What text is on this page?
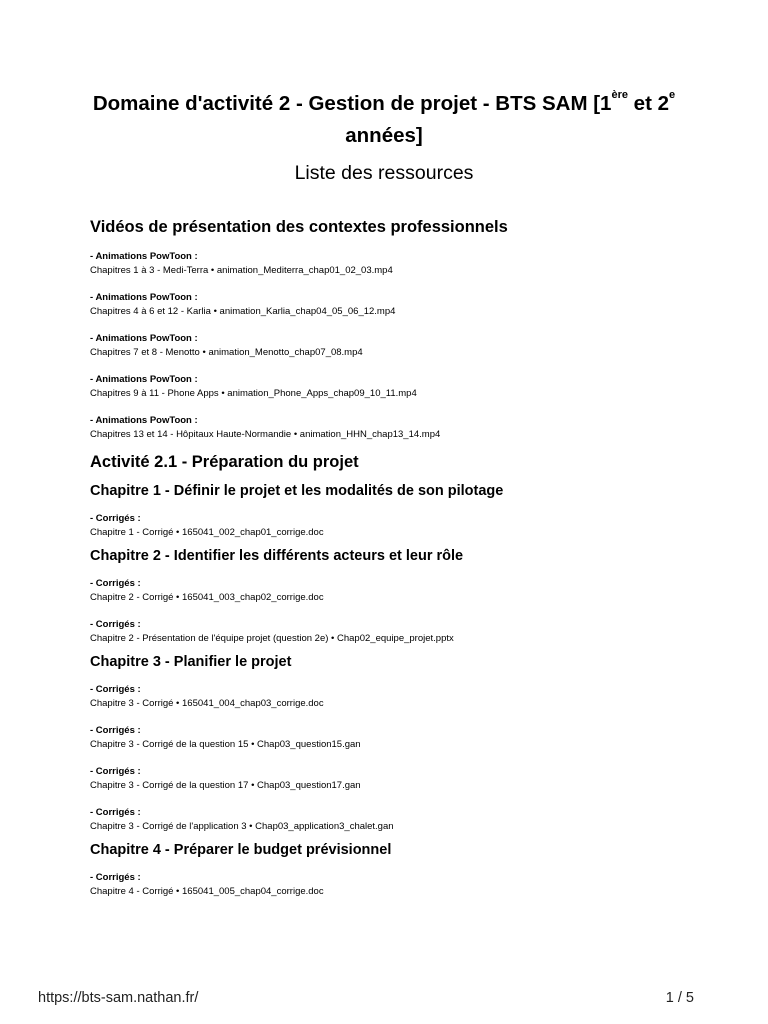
Domaine d'activité 2 - Gestion de projet - BTS SAM [1ère et 2e
années]
Liste des ressources
Vidéos de présentation des contextes professionnels
- Animations PowToon :
Chapitres 1 à 3 - Medi-Terra • animation_Mediterra_chap01_02_03.mp4
- Animations PowToon :
Chapitres 4 à 6 et 12 - Karlia • animation_Karlia_chap04_05_06_12.mp4
- Animations PowToon :
Chapitres 7 et 8 - Menotto • animation_Menotto_chap07_08.mp4
- Animations PowToon :
Chapitres 9 à 11 - Phone Apps • animation_Phone_Apps_chap09_10_11.mp4
- Animations PowToon :
Chapitres 13 et 14 - Hôpitaux Haute-Normandie • animation_HHN_chap13_14.mp4
Activité 2.1 - Préparation du projet
Chapitre 1 - Définir le projet et les modalités de son pilotage
- Corrigés :
Chapitre 1 - Corrigé • 165041_002_chap01_corrige.doc
Chapitre 2 - Identifier les différents acteurs et leur rôle
- Corrigés :
Chapitre 2 - Corrigé • 165041_003_chap02_corrige.doc
- Corrigés :
Chapitre 2 - Présentation de l'équipe projet (question 2e) • Chap02_equipe_projet.pptx
Chapitre 3 - Planifier le projet
- Corrigés :
Chapitre 3 - Corrigé • 165041_004_chap03_corrige.doc
- Corrigés :
Chapitre 3 - Corrigé de la question 15 • Chap03_question15.gan
- Corrigés :
Chapitre 3 - Corrigé de la question 17 • Chap03_question17.gan
- Corrigés :
Chapitre 3 - Corrigé de l'application 3 • Chap03_application3_chalet.gan
Chapitre 4 - Préparer le budget prévisionnel
- Corrigés :
Chapitre 4 - Corrigé • 165041_005_chap04_corrige.doc
https://bts-sam.nathan.fr/	1 / 5
